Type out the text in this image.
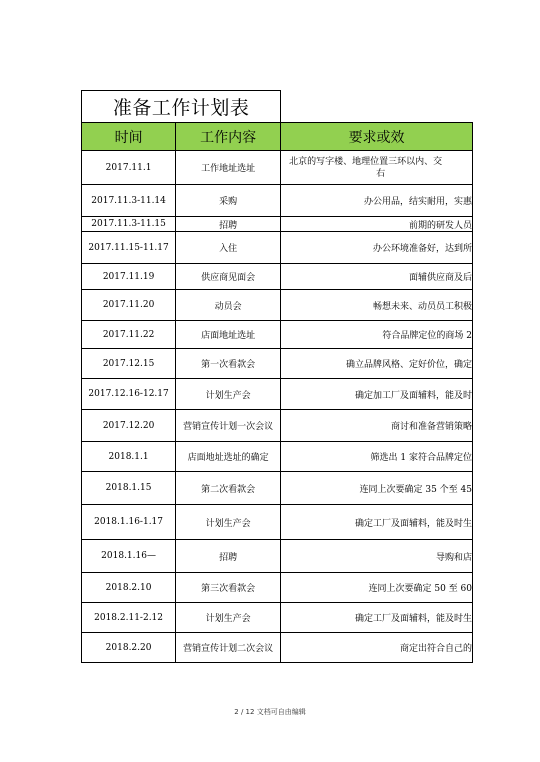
准备工作计划表		
时间	工作内容	要求或效
2017.11.1	工作地址选址	北京的写字楼、地理位置三环以内、交
右

2017.11.3-11.14	采购	办公用品，结实耐用，实惠
2017.11.3-11.15	招聘	前期的研发人员
2017.11.15-11.17	入住	办公环境准备好，达到所
2017.11.19	供应商见面会	面辅供应商及后
2017.11.20	动员会	畅想未来、动员员工积极
2017.11.22	店面地址选址	符合品牌定位的商场 2
2017.12.15	第一次看款会	确立品牌风格、定好价位，确定
2017.12.16-12.17	计划生产会	确定加工厂及面辅料，能及时
2017.12.20	营销宣传计划一次会议	商讨和准备营销策略
2018.1.1	店面地址选址的确定	筛选出 1 家符合品牌定位
2018.1.15	第二次看款会	连同上次要确定 35 个至 45
2018.1.16-1.17	计划生产会	确定工厂及面辅料，能及时生
2018.1.16—	招聘	导购和店
2018.2.10	第三次看款会	连同上次要确定 50 至 60
2018.2.11-2.12	计划生产会	确定工厂及面辅料，能及时生
2018.2.20	营销宣传计划二次会议	商定出符合自己的
2 / 12 文档可自由编辑
